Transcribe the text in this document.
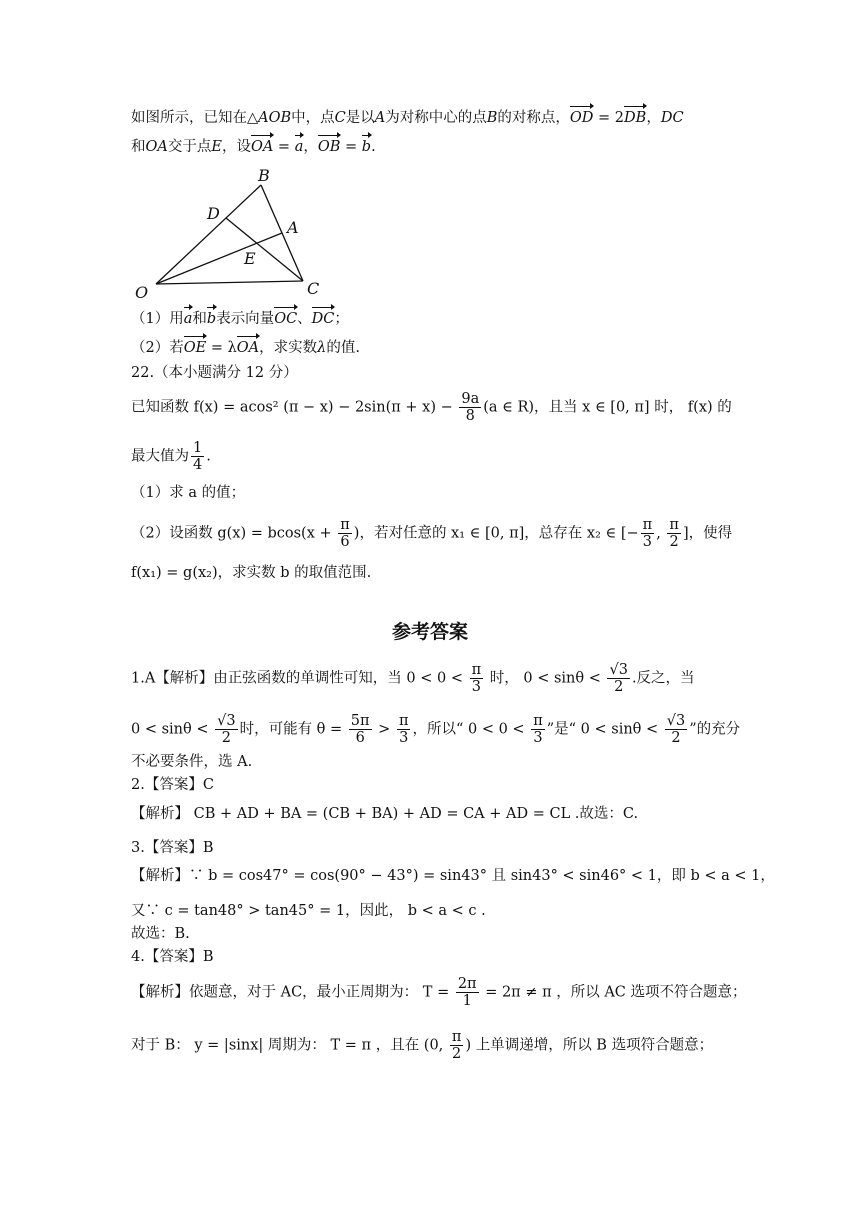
如图所示，已知在△AOB中，点C是以A为对称中心的点B的对称点，OD = 2DB，DC
和OA交于点E，设OA = a，OB = b.
B
D
A
E
O	C
（1）用a和b表示向量OC、DC；
（2）若OE = λOA，求实数λ的值.
22.（本小题满分 12 分）
已知函数 f(x) = acos² $(\pi - x) - 2\sin(\pi + x) - \frac{9a}{8} (a$ ∈ R)，且当 x ∈ [0, π] 时， f(x) 的
最大值为 $\frac{1}{4}$ .
（1）求 a 的值；
（2）设函数 $g(x) = bcos(x + \frac{\pi}{6}$ )，若对任意的 x₁ ∈ [0, π]，总存在 x₂ ∈ [− $\frac{\pi}{3}$ , $\frac{\pi}{2}$ ]，使得
f(x₁) = g(x₂)，求实数 b 的取值范围.
参考答案
1.A【解析】由正弦函数的单调性可知，当 $0 < 0 < \frac{\pi}{3}$ 时， $0 < \sin\theta < \frac{√3}{2}$ .反之，当
$0 < \sin\theta < \frac{√3}{2}$ 时，可能有 $\theta = \frac{5\pi}{6} > \frac{\pi}{3}$ ，所以“ $0 < 0 < \frac{\pi}{3}$ ”是“ $0 < \sin\theta < \frac{√3}{2}$ ”的充分
不必要条件，选 A.
2.【答案】C
【解析】 CB + AD + BA = (CB + BA) + AD = CA + AD = CL .故选：C.
3.【答案】B
【解析】∵ b = cos47° = cos(90° − 43°) = sin43° 且 sin43° < sin46° < 1，即 b < a < 1，
又∵ c = tan48° > tan45° = 1，因此， b < a < c .
故选：B.
4.【答案】B
【解析】依题意，对于 AC，最小正周期为： $T = \frac{2\pi}{1} = 2\pi \ne \pi$ ，所以 AC 选项不符合题意；
对于 B： y = |sinx| 周期为： T = π ，且在 (0, $\frac{\pi}{2}$ ) 上单调递增，所以 B 选项符合题意；
